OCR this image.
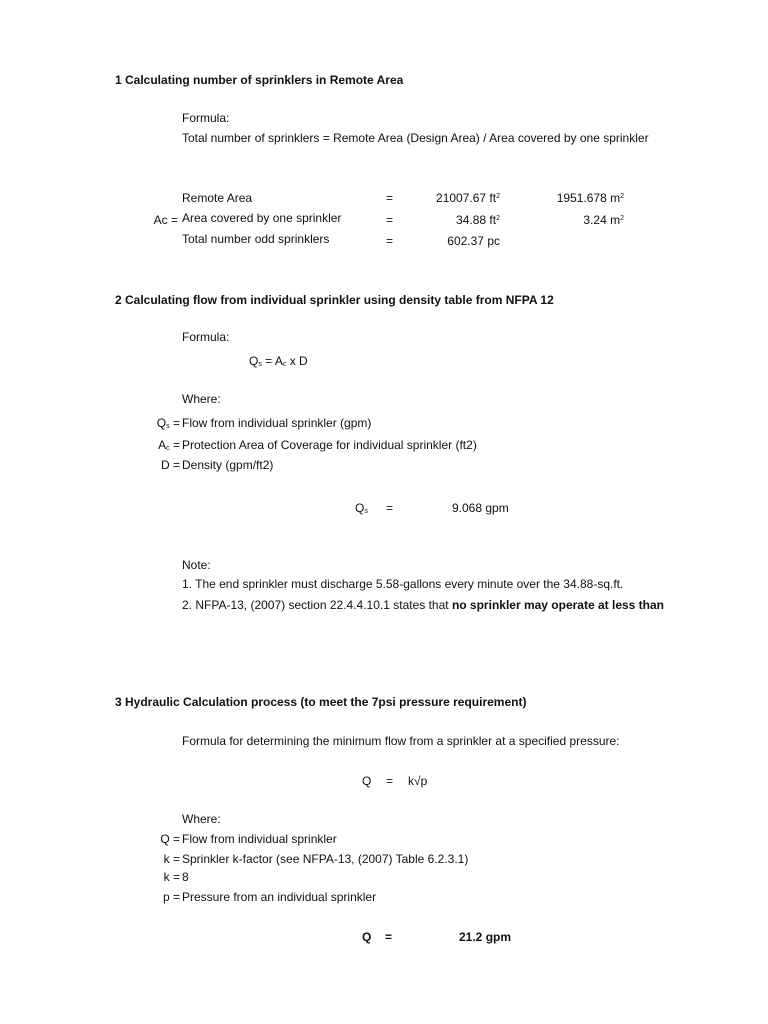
1 Calculating number of sprinklers in Remote Area
Formula:
Total number of sprinklers = Remote Area (Design Area) / Area covered by one sprinkler
Remote Area	=	21007.67 $ft^2$	1951.678 $m^2$
Ac = Area covered by one sprinkler	=	34.88 $ft^2$	3.24 $m^2$
Total number odd sprinklers	=	602.37 pc
2 Calculating flow from individual sprinkler using density table from NFPA 12
Formula:
$Q_s = A_c$ x D
Where:
$Q_s$ = Flow from individual sprinkler (gpm)
$A_c$ = Protection Area of Coverage for individual sprinkler (ft2)
D = Density (gpm/ft2)
$Q_s$ =	9.068 gpm
Note:
1. The end sprinkler must discharge 5.58-gallons every minute over the 34.88-sq.ft.
2. NFPA-13, (2007) section 22.4.4.10.1 states that no sprinkler may operate at less than
3 Hydraulic Calculation process (to meet the 7psi pressure requirement)
Formula for determining the minimum flow from a sprinkler at a specified pressure:
Q = k√p
Where:
Q = Flow from individual sprinkler
k = Sprinkler k-factor (see NFPA-13, (2007) Table 6.2.3.1)
k = 8
p = Pressure from an individual sprinkler
Q =	21.2 gpm
